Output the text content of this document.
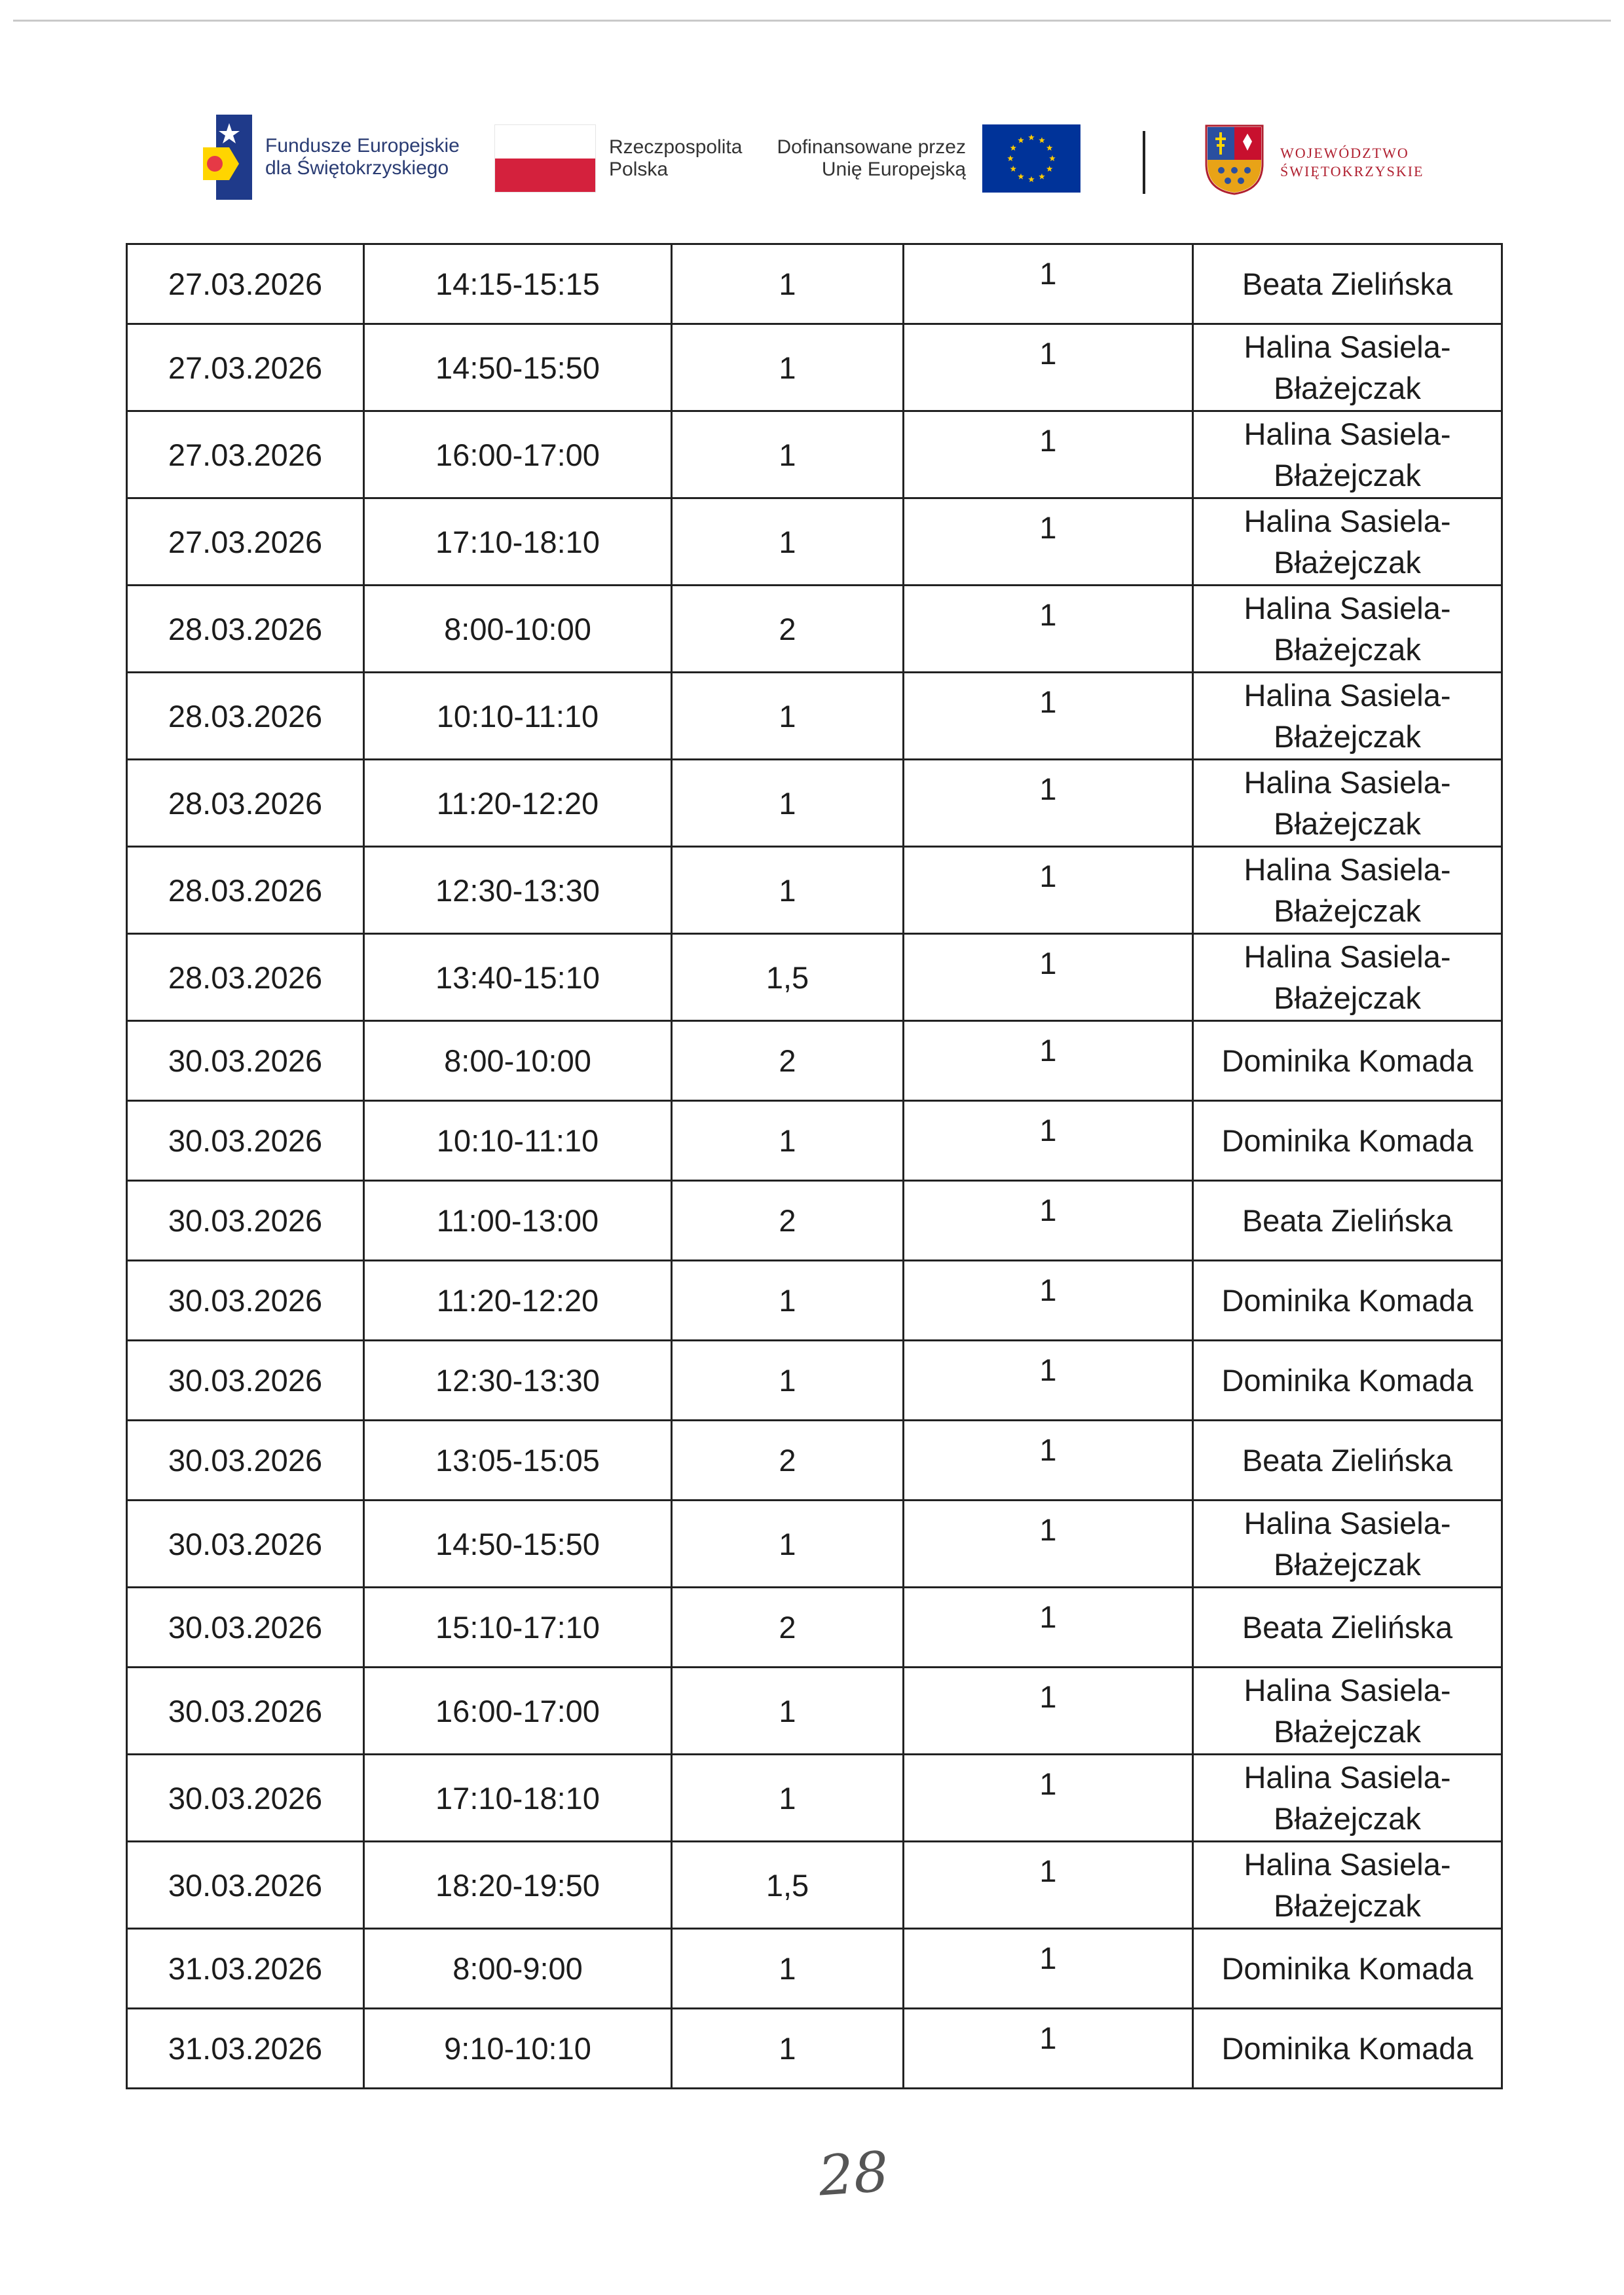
Fundusze Europejskie
dla Świętokrzyskiego
Rzeczpospolita
Polska
Dofinansowane przez
Unię Europejską
WOJEWÓDZTWO
ŚWIĘTOKRZYSKIE
27.03.2026	14:15-15:15	1	1	Beata Zielińska
27.03.2026	14:50-15:50	1	1	Halina Sasiela-
Błażejczak
27.03.2026	16:00-17:00	1	1	Halina Sasiela-
Błażejczak
27.03.2026	17:10-18:10	1	1	Halina Sasiela-
Błażejczak
28.03.2026	8:00-10:00	2	1	Halina Sasiela-
Błażejczak
28.03.2026	10:10-11:10	1	1	Halina Sasiela-
Błażejczak
28.03.2026	11:20-12:20	1	1	Halina Sasiela-
Błażejczak
28.03.2026	12:30-13:30	1	1	Halina Sasiela-
Błażejczak
28.03.2026	13:40-15:10	1,5	1	Halina Sasiela-
Błażejczak
30.03.2026	8:00-10:00	2	1	Dominika Komada
30.03.2026	10:10-11:10	1	1	Dominika Komada
30.03.2026	11:00-13:00	2	1	Beata Zielińska
30.03.2026	11:20-12:20	1	1	Dominika Komada
30.03.2026	12:30-13:30	1	1	Dominika Komada
30.03.2026	13:05-15:05	2	1	Beata Zielińska
30.03.2026	14:50-15:50	1	1	Halina Sasiela-
Błażejczak
30.03.2026	15:10-17:10	2	1	Beata Zielińska
30.03.2026	16:00-17:00	1	1	Halina Sasiela-
Błażejczak
30.03.2026	17:10-18:10	1	1	Halina Sasiela-
Błażejczak
30.03.2026	18:20-19:50	1,5	1	Halina Sasiela-
Błażejczak
31.03.2026	8:00-9:00	1	1	Dominika Komada
31.03.2026	9:10-10:10	1	1	Dominika Komada
28
